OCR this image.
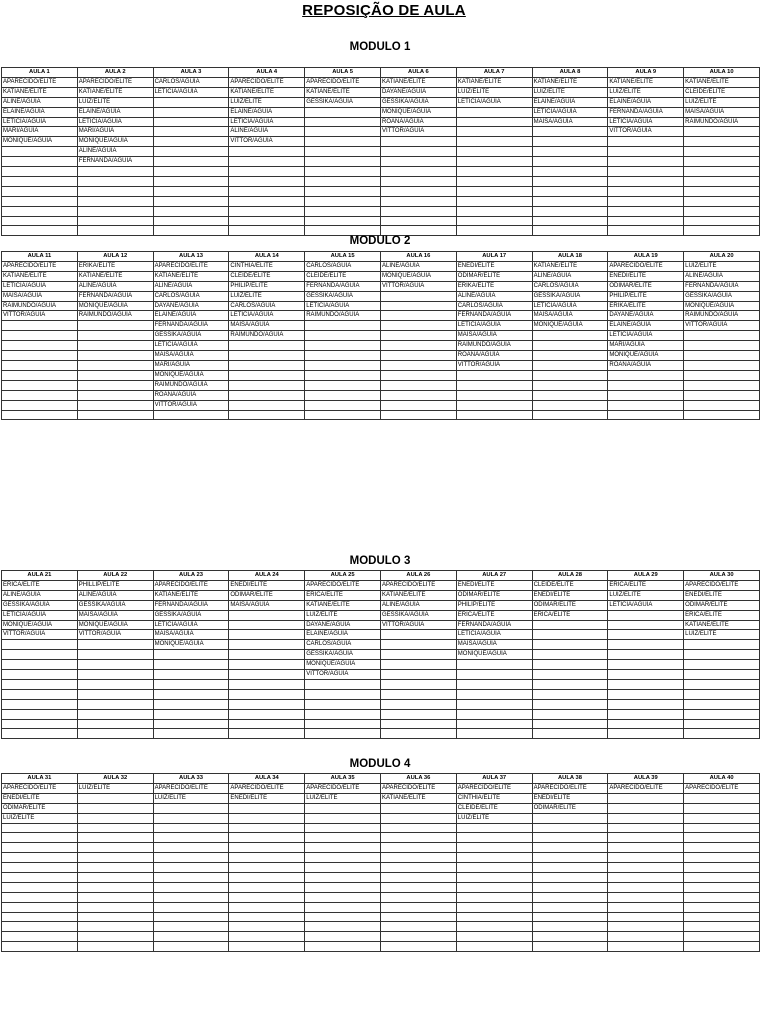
REPOSIÇÃO DE AULA
MODULO 1
AULA 1	AULA 2	AULA 3	AULA 4	AULA 5	AULA 6	AULA 7	AULA 8	AULA 9	AULA 10
APARECIDO/ELITE	APARECIDO/ELITE	CARLOS/AGUIA	APARECIDO/ELITE	APARECIDO/ELITE	KATIANE/ELITE	KATIANE/ELITE	KATIANE/ELITE	KATIANE/ELITE	KATIANE/ELITE
KATIANE/ELITE	KATIANE/ELITE	LETICIA/AGUIA	KATIANE/ELITE	KATIANE/ELITE	DAYANE/AGUIA	LUIZ/ELITE	LUIZ/ELITE	LUIZ/ELITE	CLEIDE/ELITE
ALINE/AGUIA	LUIZ/ELITE		LUIZ/ELITE	GESSIKA/AGUIA	GESSIKA/AGUIA	LETICIA/AGUIA	ELAINE/AGUIA	ELAINE/AGUIA	LUIZ/ELITE
ELAINE/AGUIA	ELAINE/AGUIA		ELAINE/AGUIA		MONIQUE/AGUIA		LETICIA/AGUIA	FERNANDA/AGUIA	MAISA/AGUIA
LETICIA/AGUIA	LETICIA/AGUIA		LETICIA/AGUIA		ROANA/AGUIA		MAISA/AGUIA	LETICIA/AGUIA	RAIMUNDO/AGUIA
MARI/AGUIA	MARI/AGUIA		ALINE/AGUIA		VITTOR/AGUIA			VITTOR/AGUIA	
MONIQUE/AGUIA	MONIQUE/AGUIA		VITTOR/AGUIA						
	ALINE/AGUIA								
	FERNANDA/AGUIA								

MODULO 2
AULA 11	AULA 12	AULA 13	AULA 14	AULA 15	AULA 16	AULA 17	AULA 18	AULA 19	AULA 20
APARECIDO/ELITE	ERIKA/ELITE	APARECIDO/ELITE	CINTHIA/ELITE	CARLOS/AGUIA	ALINE/AGUIA	ENEDI/ELITE	KATIANE/ELITE	APARECIDO/ELITE	LUIZ/ELITE
KATIANE/ELITE	KATIANE/ELITE	KATIANE/ELITE	CLEIDE/ELITE	CLEIDE/ELITE	MONIQUE/AGUIA	ODIMAR/ELITE	ALINE/AGUIA	ENEDI/ELITE	ALINE/AGUIA
LETICIA/AGUIA	ALINE/AGUIA	ALINE/AGUIA	PHILIP/ELITE	FERNANDA/AGUIA	VITTOR/AGUIA	ERIKA/ELITE	CARLOS/AGUIA	ODIMAR/ELITE	FERNANDA/AGUIA
MAISA/AGUIA	FERNANDA/AGUIA	CARLOS/AGUIA	LUIZ/ELITE	GESSIKA/AGUIA		ALINE/AGUIA	GESSIKA/AGUIA	PHILIP/ELITE	GESSIKA/AGUIA
RAIMUNDO/AGUIA	MONIQUE/AGUIA	DAYANE/AGUIA	CARLOS/AGUIA	LETICIA/AGUIA		CARLOS/AGUIA	LETICIA/AGUIA	ERIKA/ELITE	MONIQUE/AGUIA
VITTOR/AGUIA	RAIMUNDO/AGUIA	ELAINE/AGUIA	LETICIA/AGUIA	RAIMUNDO/AGUIA		FERNANDA/AGUIA	MAISA/AGUIA	DAYANE/AGUIA	RAIMUNDO/AGUIA
		FERNANDA/AGUIA	MAISA/AGUIA			LETICIA/AGUIA	MONIQUE/AGUIA	ELAINE/AGUIA	VITTOR/AGUIA
		GESSIKA/AGUIA	RAIMUNDO/AGUIA			MAISA/AGUIA		LETICIA/AGUIA	
		LETICIA/AGUIA				RAIMUNDO/AGUIA		MARI/AGUIA	
		MAISA/AGUIA				ROANA/AGUIA		MONIQUE/AGUIA	
		MARI/AGUIA				VITTOR/AGUIA		ROANA/AGUIA	
		MONIQUE/AGUIA							
		RAIMUNDO/AGUIA							
		ROANA/AGUIA							
		VITTOR/AGUIA							

MODULO 3
AULA 21	AULA 22	AULA 23	AULA 24	AULA 25	AULA 26	AULA 27	AULA 28	AULA 29	AULA 30
ERICA/ELITE	PHILLIP/ELITE	APARECIDO/ELITE	ENEDI/ELITE	APARECIDO/ELITE	APARECIDO/ELITE	ENEDI/ELITE	CLEIDE/ELITE	ERICA/ELITE	APARECIDO/ELITE
ALINE/AGUIA	ALINE/AGUIA	KATIANE/ELITE	ODIMAR/ELITE	ERICA/ELITE	KATIANE/ELITE	ODIMAR/ELITE	ENEDI/ELITE	LUIZ/ELITE	ENEDI/ELITE
GESSIKA/AGUIA	GESSIKA/AGUIA	FERNANDA/AGUIA	MAISA/AGUIA	KATIANE/ELITE	ALINE/AGUIA	PHILIP/ELITE	ODIMAR/ELITE	LETICIA/AGUIA	ODIMAR/ELITE
LETICIA/AGUIA	MAISA/AGUIA	GESSIKA/AGUIA		LUIZ/ELITE	GESSIKA/AGUIA	ERICA/ELITE	ERICA/ELITE		ERICA/ELITE
MONIQUE/AGUIA	MONIQUE/AGUIA	LETICIA/AGUIA		DAYANE/AGUIA	VITTOR/AGUIA	FERNANDA/AGUIA			KATIANE/ELITE
VITTOR/AGUIA	VITTOR/AGUIA	MAISA/AGUIA		ELAINE/AGUIA		LETICIA/AGUIA			LUIZ/ELITE
		MONIQUE/AGUIA		CARLOS/AGUIA		MAISA/AGUIA			
				GESSIKA/AGUIA		MONIQUE/AGUIA			
				MONIQUE/AGUIA					
				VITTOR/AGUIA					

MODULO 4
AULA 31	AULA 32	AULA 33	AULA 34	AULA 35	AULA 36	AULA 37	AULA 38	AULA 39	AULA 40
APARECIDO/ELITE	LUIZ/ELITE	APARECIDO/ELITE	APARECIDO/ELITE	APARECIDO/ELITE	APARECIDO/ELITE	APARECIDO/ELITE	APARECIDO/ELITE	APARECIDO/ELITE	APARECIDO/ELITE
ENEDI/ELITE		LUIZ/ELITE	ENEDI/ELITE	LUIZ/ELITE	KATIANE/ELITE	CINTHIA/ELITE	ENEDI/ELITE		
ODIMAR/ELITE						CLEIDE/ELITE	ODIMAR/ELITE		
LUIZ/ELITE						LUIZ/ELITE			
